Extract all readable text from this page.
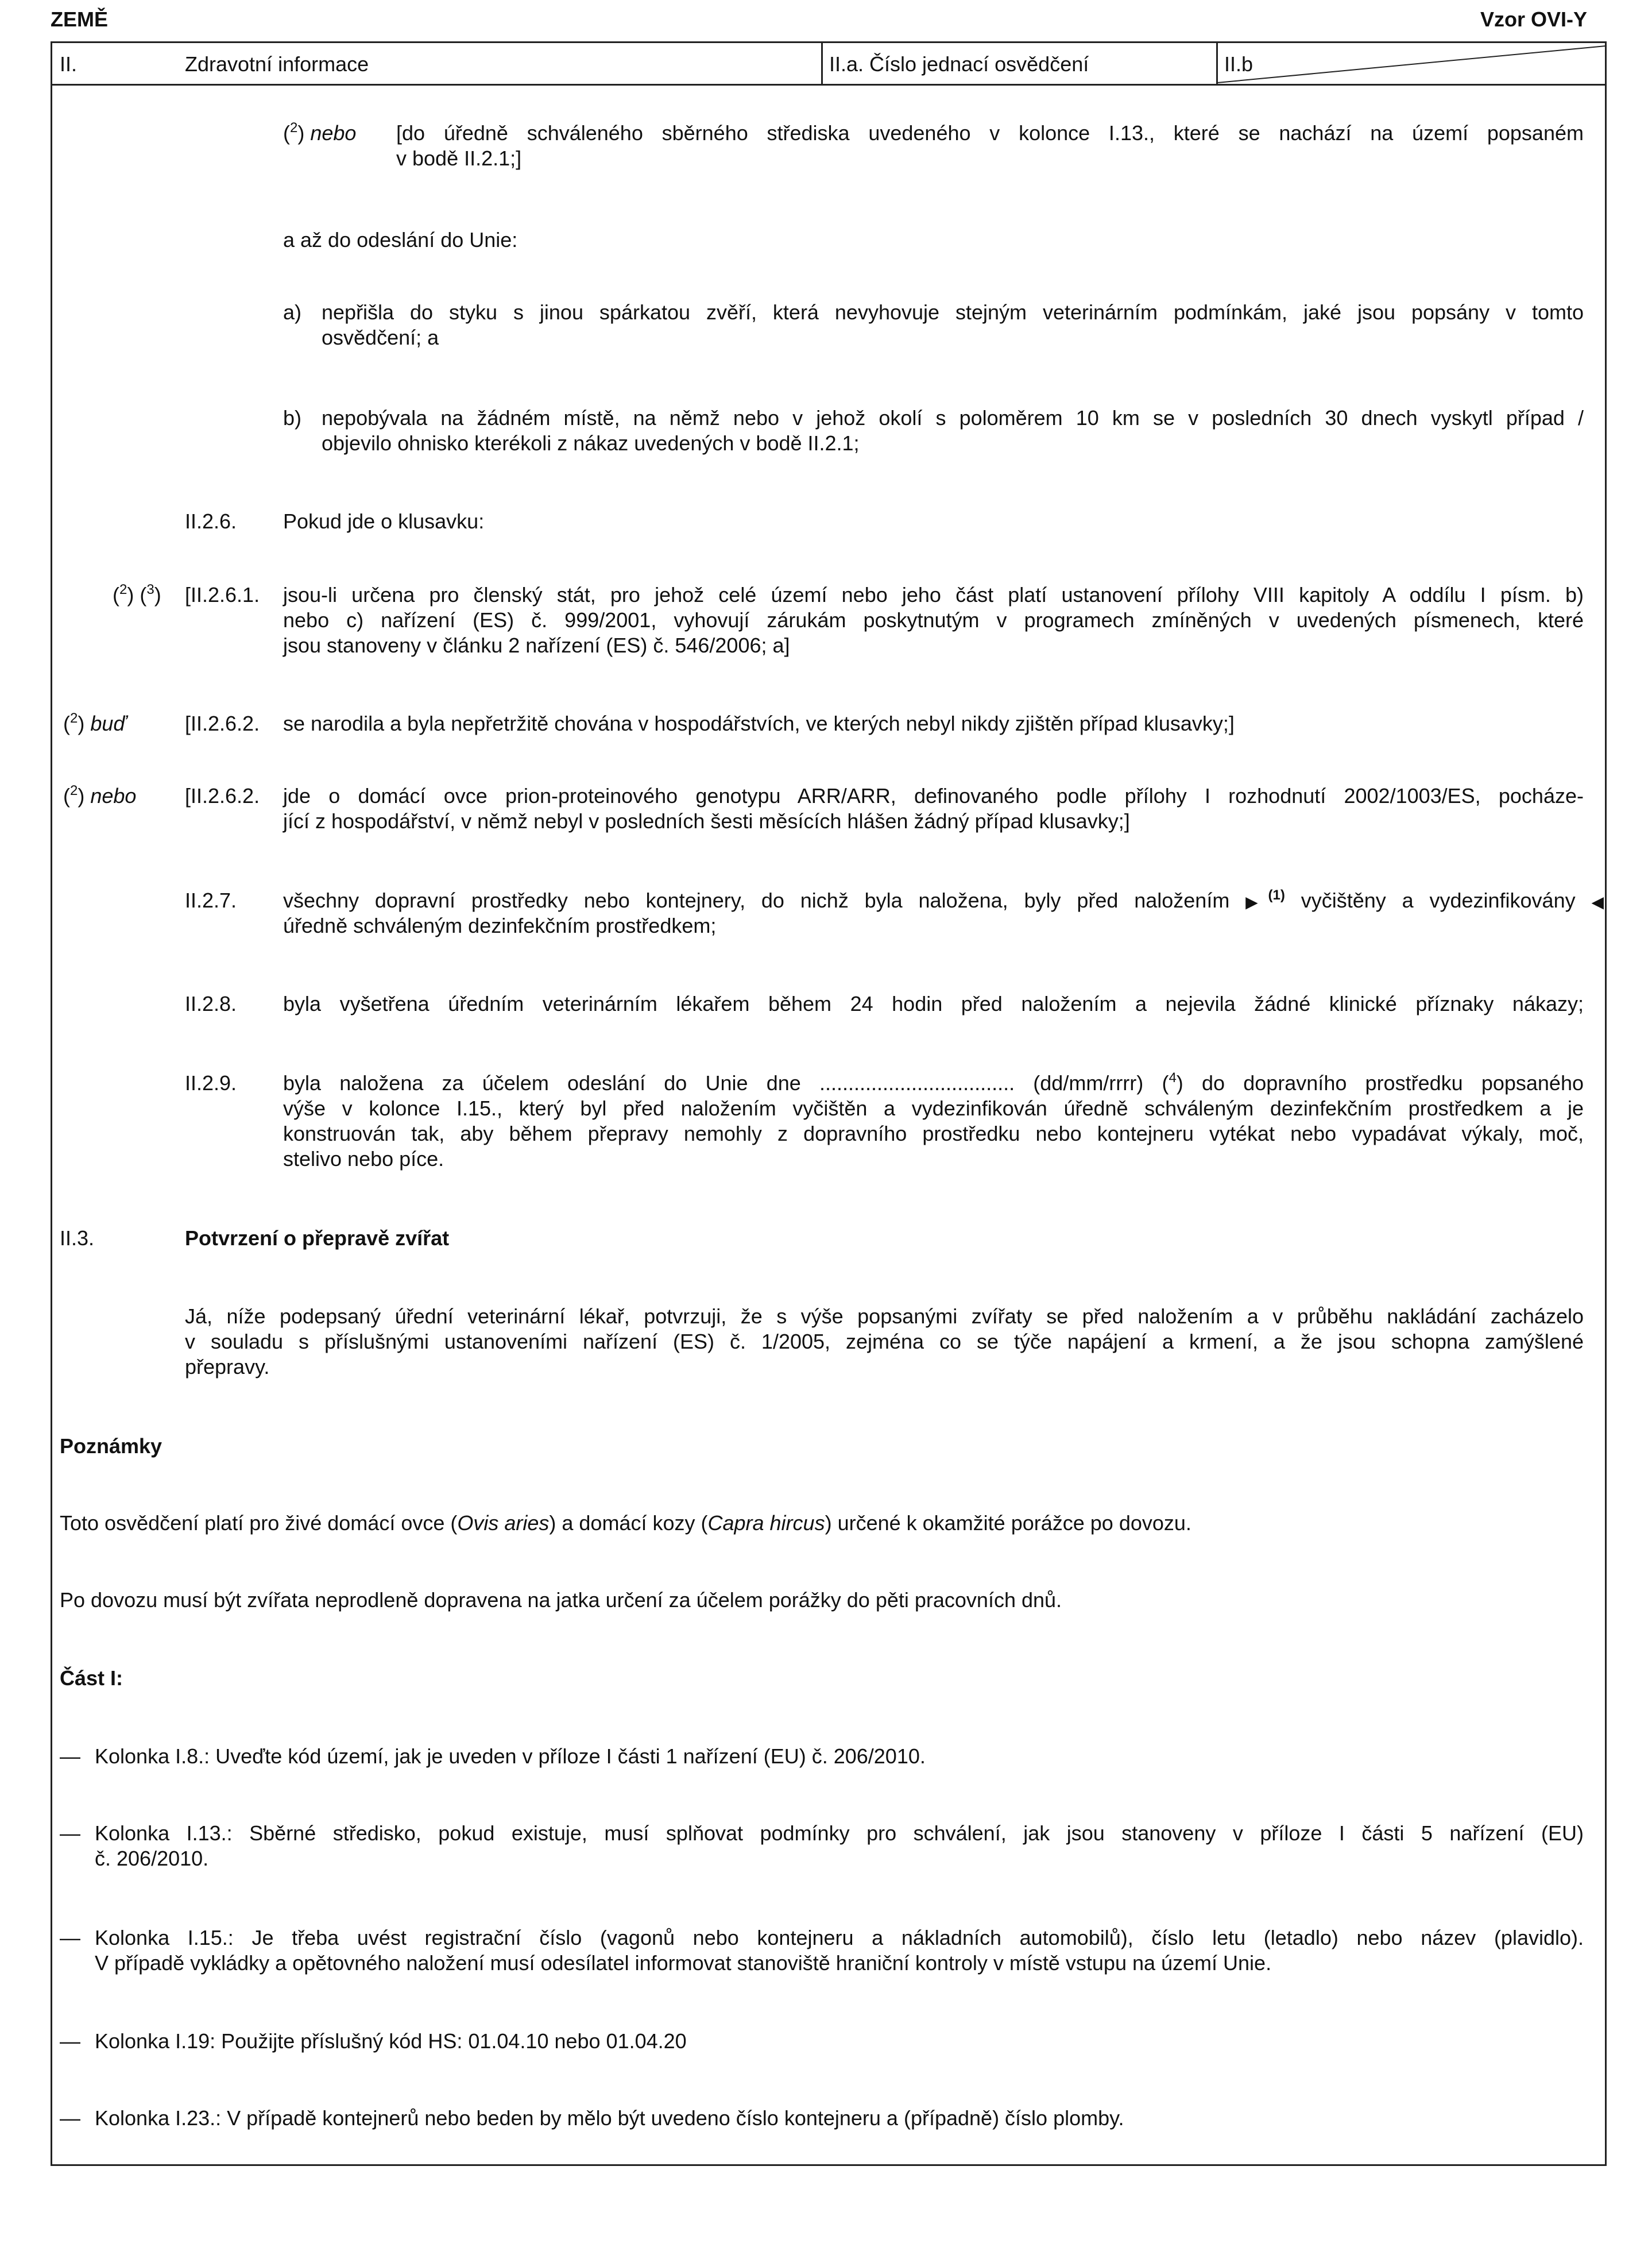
ZEMĚ	Vzor OVI-Y
II.	Zdravotní informace	II.a. Číslo jednací osvědčení	II.b
($^2$) nebo [do úředně schváleného sběrného střediska uvedeného v kolonce I.13., které se nachází na území popsaném
v bodě II.2.1;]
a až do odeslání do Unie:
a) nepřišla do styku s jinou spárkatou zvěří, která nevyhovuje stejným veterinárním podmínkám, jaké jsou popsány v tomto
osvědčení; a
b) nepobývala na žádném místě, na němž nebo v jehož okolí s poloměrem 10 km se v posledních 30 dnech vyskytl případ /
objevilo ohnisko kterékoli z nákaz uvedených v bodě II.2.1;
II.2.6. Pokud jde o klusavku:
($^2$) ($^3$) [II.2.6.1. jsou-li určena pro členský stát, pro jehož celé území nebo jeho část platí ustanovení přílohy VIII kapitoly A oddílu I písm. b)
nebo c) nařízení (ES) č. 999/2001, vyhovují zárukám poskytnutým v programech zmíněných v uvedených písmenech, které
jsou stanoveny v článku 2 nařízení (ES) č. 546/2006; a]
($^2$) buď	[II.2.6.2. se narodila a byla nepřetržitě chována v hospodářstvích, ve kterých nebyl nikdy zjištěn případ klusavky;]
($^2$) nebo [II.2.6.2. jde o domácí ovce prion-proteinového genotypu ARR/ARR, definovaného podle přílohy I rozhodnutí 2002/1003/ES, pocháze-
jící z hospodářství, v němž nebyl v posledních šesti měsících hlášen žádný případ klusavky;]
II.2.7. všechny dopravní prostředky nebo kontejnery, do nichž byla naložena, byly před naložením ▶$^{(1)}$ vyčištěny a vydezinfikovány ◀
úředně schváleným dezinfekčním prostředkem;
II.2.8. byla vyšetřena úředním veterinárním lékařem během 24 hodin před naložením a nejevila žádné klinické příznaky nákazy;
II.2.9. byla naložena za účelem odeslání do Unie dne .................................. (dd/mm/rrrr) ($^4$) do dopravního prostředku popsaného
výše v kolonce I.15., který byl před naložením vyčištěn a vydezinfikován úředně schváleným dezinfekčním prostředkem a je
konstruován tak, aby během přepravy nemohly z dopravního prostředku nebo kontejneru vytékat nebo vypadávat výkaly, moč,
stelivo nebo píce.
II.3.	Potvrzení o přepravě zvířat
Já, níže podepsaný úřední veterinární lékař, potvrzuji, že s výše popsanými zvířaty se před naložením a v průběhu nakládání zacházelo
v souladu s příslušnými ustanoveními nařízení (ES) č. 1/2005, zejména co se týče napájení a krmení, a že jsou schopna zamýšlené
přepravy.
Poznámky
Toto osvědčení platí pro živé domácí ovce (Ovis aries) a domácí kozy (Capra hircus) určené k okamžité porážce po dovozu.
Po dovozu musí být zvířata neprodleně dopravena na jatka určení za účelem porážky do pěti pracovních dnů.
Část I:
— Kolonka I.8.: Uveďte kód území, jak je uveden v příloze I části 1 nařízení (EU) č. 206/2010.
— Kolonka I.13.: Sběrné středisko, pokud existuje, musí splňovat podmínky pro schválení, jak jsou stanoveny v příloze I části 5 nařízení (EU)
č. 206/2010.
— Kolonka I.15.: Je třeba uvést registrační číslo (vagonů nebo kontejneru a nákladních automobilů), číslo letu (letadlo) nebo název (plavidlo).
V případě vykládky a opětovného naložení musí odesílatel informovat stanoviště hraniční kontroly v místě vstupu na území Unie.
— Kolonka I.19: Použijte příslušný kód HS: 01.04.10 nebo 01.04.20
— Kolonka I.23.: V případě kontejnerů nebo beden by mělo být uvedeno číslo kontejneru a (případně) číslo plomby.
